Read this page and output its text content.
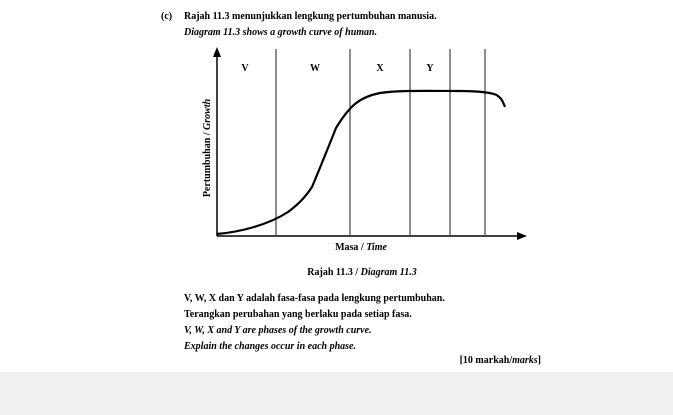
(c) Rajah 11.3 menunjukkan lengkung pertumbuhan manusia.
Diagram 11.3 shows a growth curve of human.
V	W	X	Y
Pertumbuhan / Growth
Masa / Time
Rajah 11.3 / Diagram 11.3
V, W, X dan Y adalah fasa-fasa pada lengkung pertumbuhan.
Terangkan perubahan yang berlaku pada setiap fasa.
V, W, X and Y are phases of the growth curve.
Explain the changes occur in each phase.
[10 markah/marks]
